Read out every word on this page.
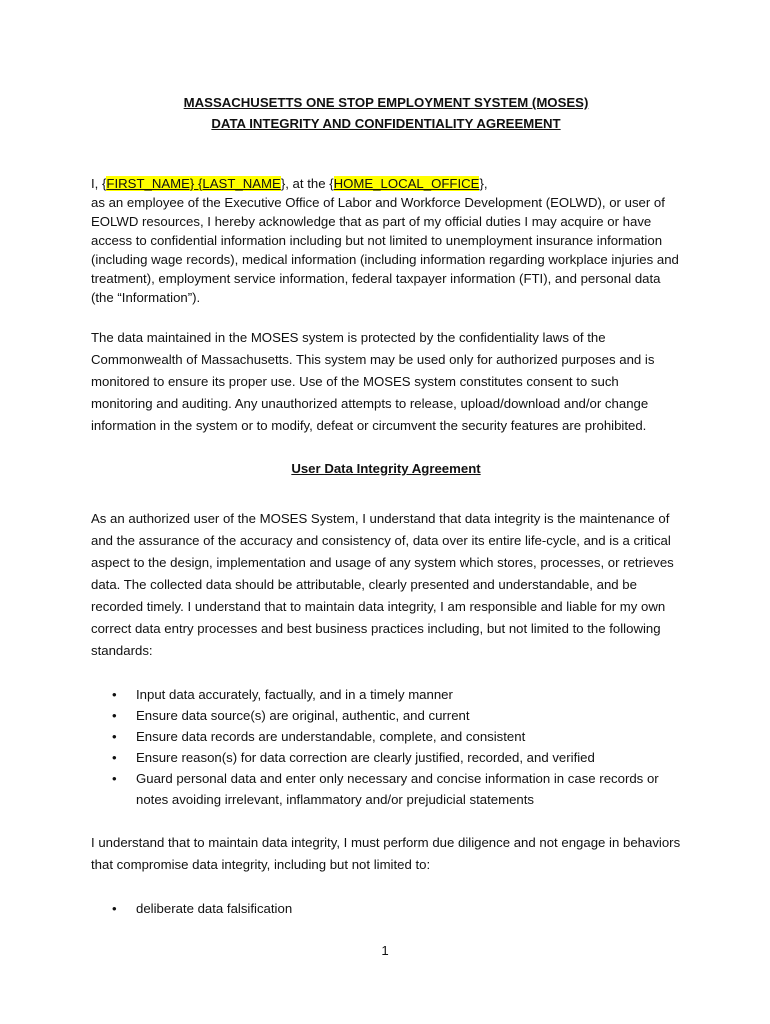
MASSACHUSETTS ONE STOP EMPLOYMENT SYSTEM (MOSES)

DATA INTEGRITY AND CONFIDENTIALITY AGREEMENT

I, {FIRST_NAME} {LAST_NAME}, at the {HOME_LOCAL_OFFICE},
as an employee of the Executive Office of Labor and Workforce Development (EOLWD), or user of EOLWD resources, I hereby acknowledge that as part of my official duties I may acquire or have access to confidential information including but not limited to unemployment insurance information (including wage records), medical information (including information regarding workplace injuries and treatment), employment service information, federal taxpayer information (FTI), and personal data (the “Information”).

The data maintained in the MOSES system is protected by the confidentiality laws of the Commonwealth of Massachusetts. This system may be used only for authorized purposes and is monitored to ensure its proper use. Use of the MOSES system constitutes consent to such monitoring and auditing. Any unauthorized attempts to release, upload/download and/or change information in the system or to modify, defeat or circumvent the security features are prohibited.

User Data Integrity Agreement

As an authorized user of the MOSES System, I understand that data integrity is the maintenance of and the assurance of the accuracy and consistency of, data over its entire life-cycle, and is a critical aspect to the design, implementation and usage of any system which stores, processes, or retrieves data. The collected data should be attributable, clearly presented and understandable, and be recorded timely. I understand that to maintain data integrity, I am responsible and liable for my own correct data entry processes and best business practices including, but not limited to the following standards:

• Input data accurately, factually, and in a timely manner
• Ensure data source(s) are original, authentic, and current
• Ensure data records are understandable, complete, and consistent
• Ensure reason(s) for data correction are clearly justified, recorded, and verified
• Guard personal data and enter only necessary and concise information in case records or notes avoiding irrelevant, inflammatory and/or prejudicial statements

I understand that to maintain data integrity, I must perform due diligence and not engage in behaviors that compromise data integrity, including but not limited to:

• deliberate data falsification
1
